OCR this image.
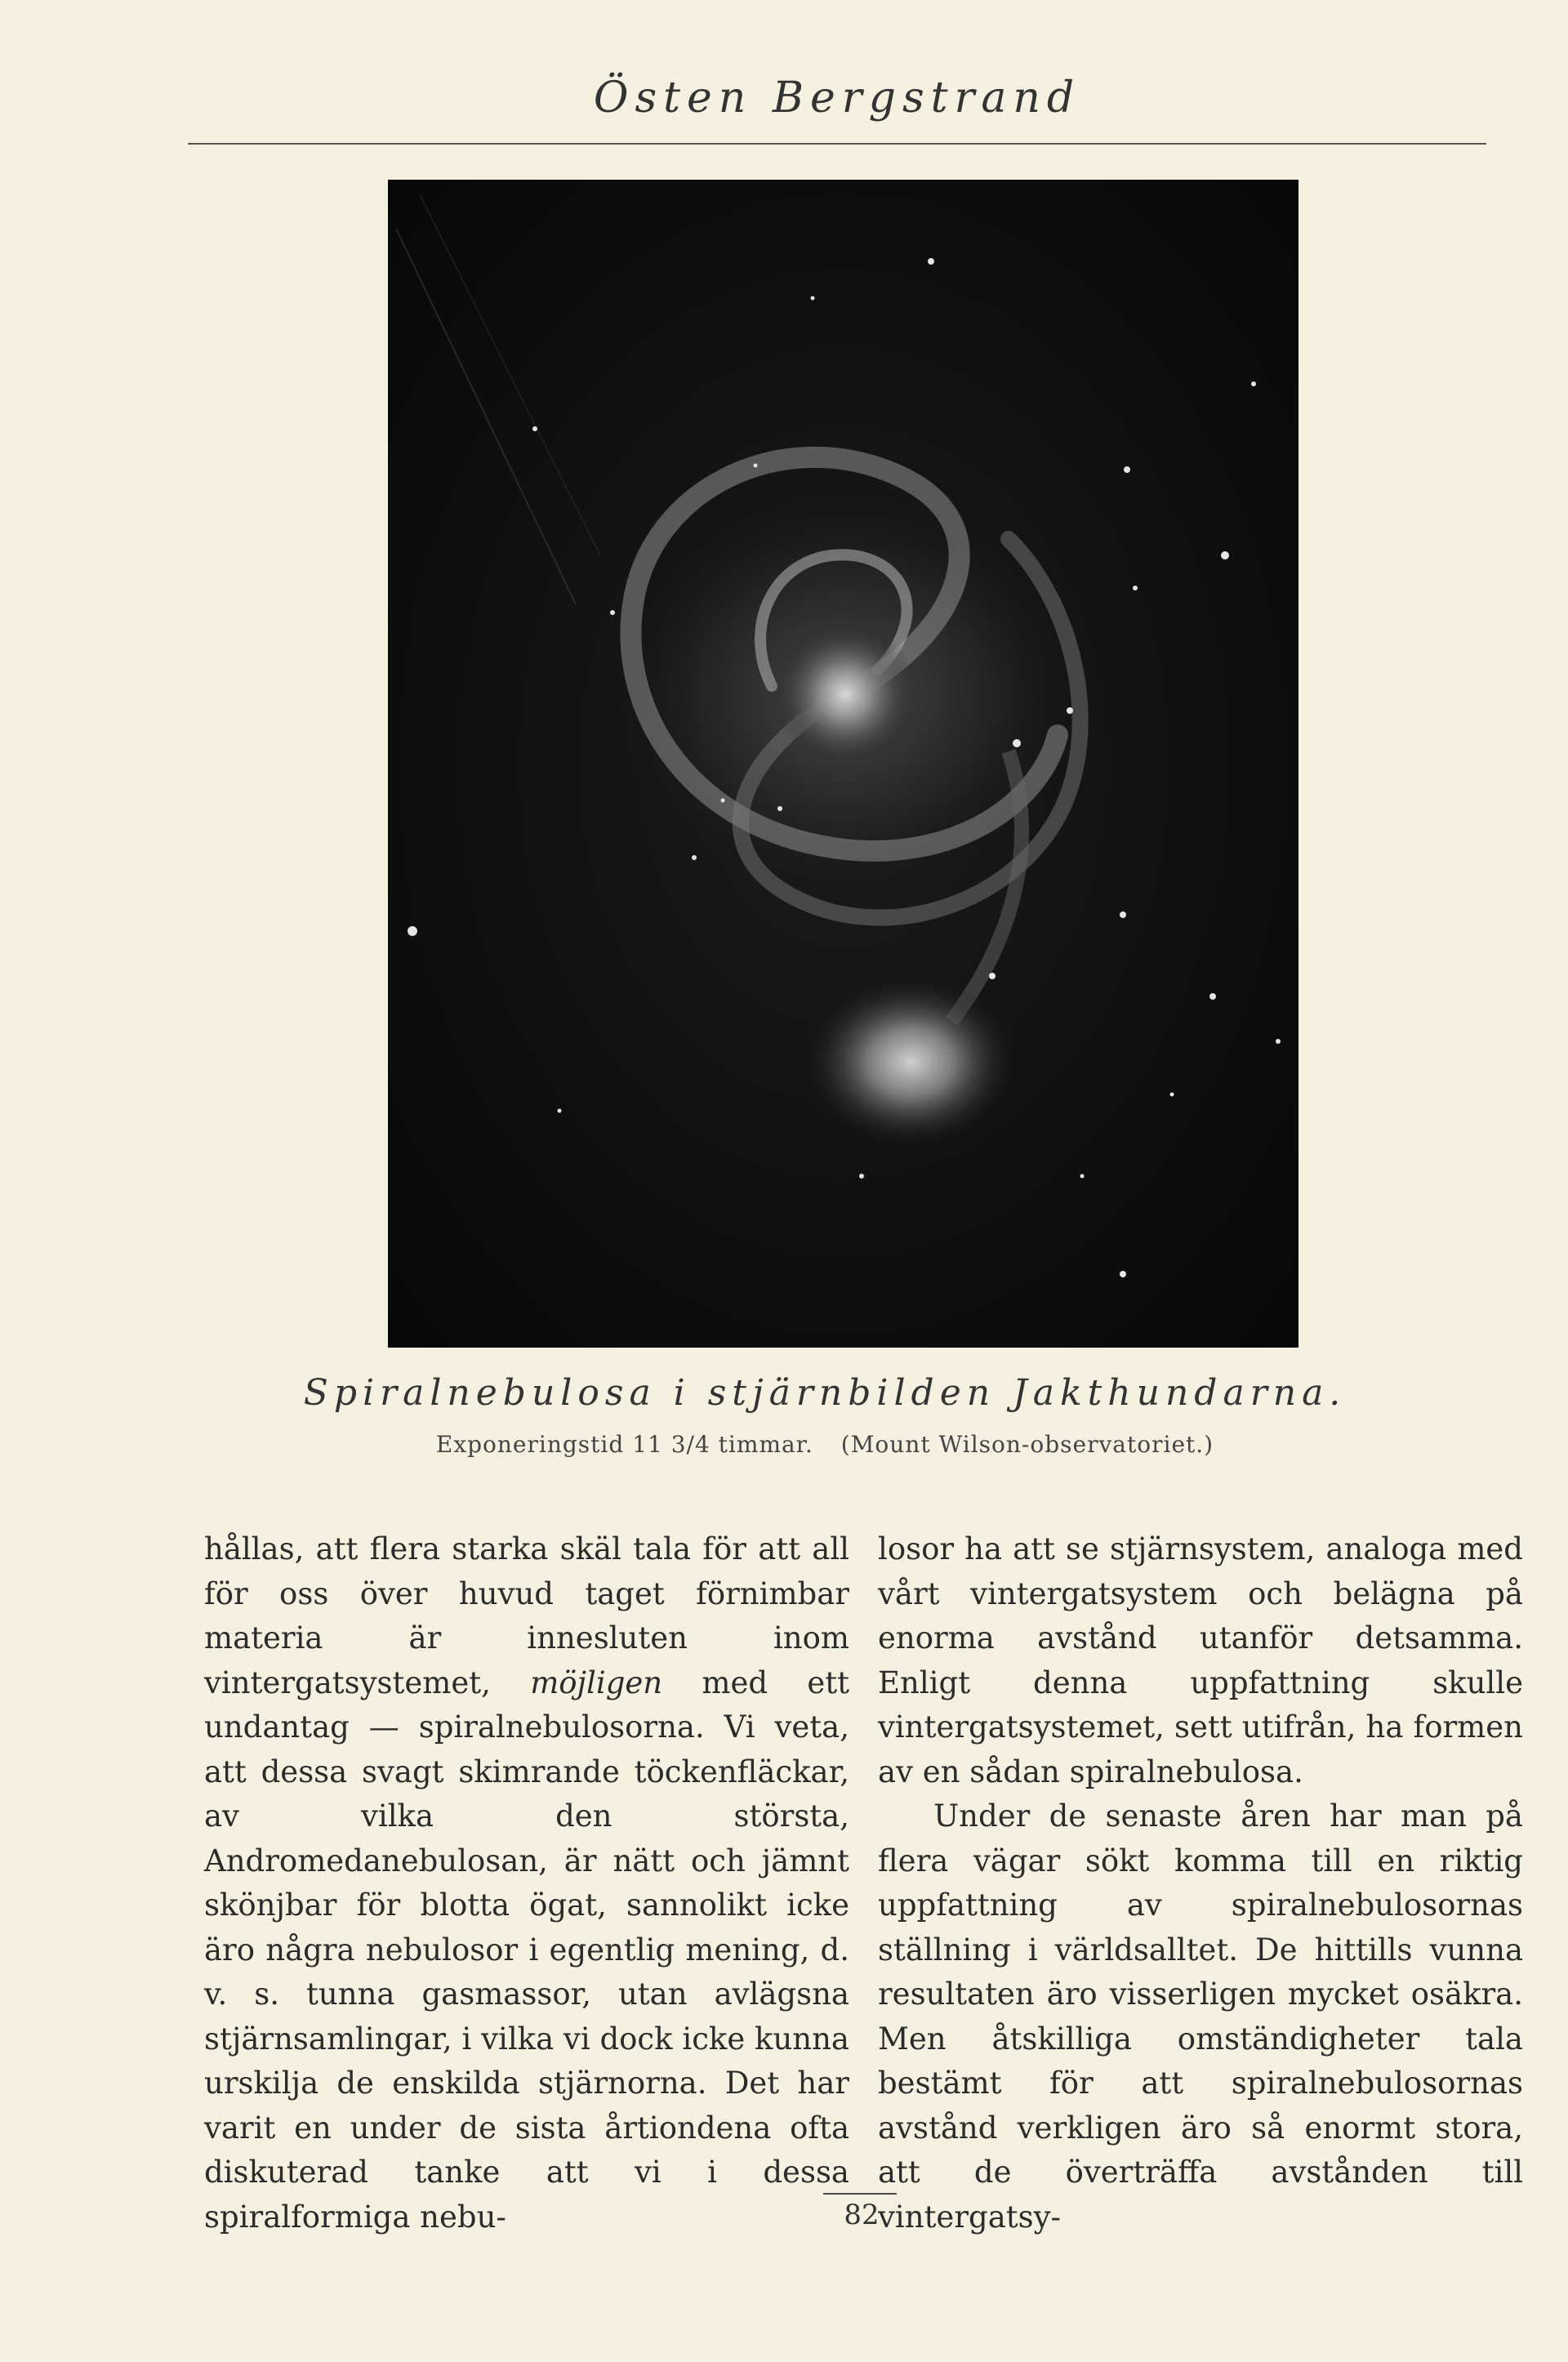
Östen Bergstrand
Spiralnebulosa i stjärnbilden Jakthundarna.
Exponeringstid 11 3/4 timmar. (Mount Wilson-observatoriet.)

hållas, att flera starka skäl tala för att all för oss över huvud taget förnimbar materia är innesluten inom vintergatsystemet, möjligen med ett undantag — spiralnebulosorna. Vi veta, att dessa svagt skimrande töckenfläckar, av vilka den största, Andromedanebulosan, är nätt och jämnt skönjbar för blotta ögat, sannolikt icke äro några nebulosor i egentlig mening, d. v. s. tunna gasmassor, utan avlägsna stjärnsamlingar, i vilka vi dock icke kunna urskilja de enskilda stjärnorna. Det har varit en under de sista årtiondena ofta diskuterad tanke att vi i dessa spiralformiga nebu-

losor ha att se stjärnsystem, analoga med vårt vintergatsystem och belägna på enorma avstånd utanför detsamma. Enligt denna uppfattning skulle vintergatsystemet, sett utifrån, ha formen av en sådan spiralnebulosa.

Under de senaste åren har man på flera vägar sökt komma till en riktig uppfattning av spiralnebulosornas ställning i världsalltet. De hittills vunna resultaten äro visserligen mycket osäkra. Men åtskilliga omständigheter tala bestämt för att spiralnebulosornas avstånd verkligen äro så enormt stora, att de överträffa avstånden till vintergatsy-

82
